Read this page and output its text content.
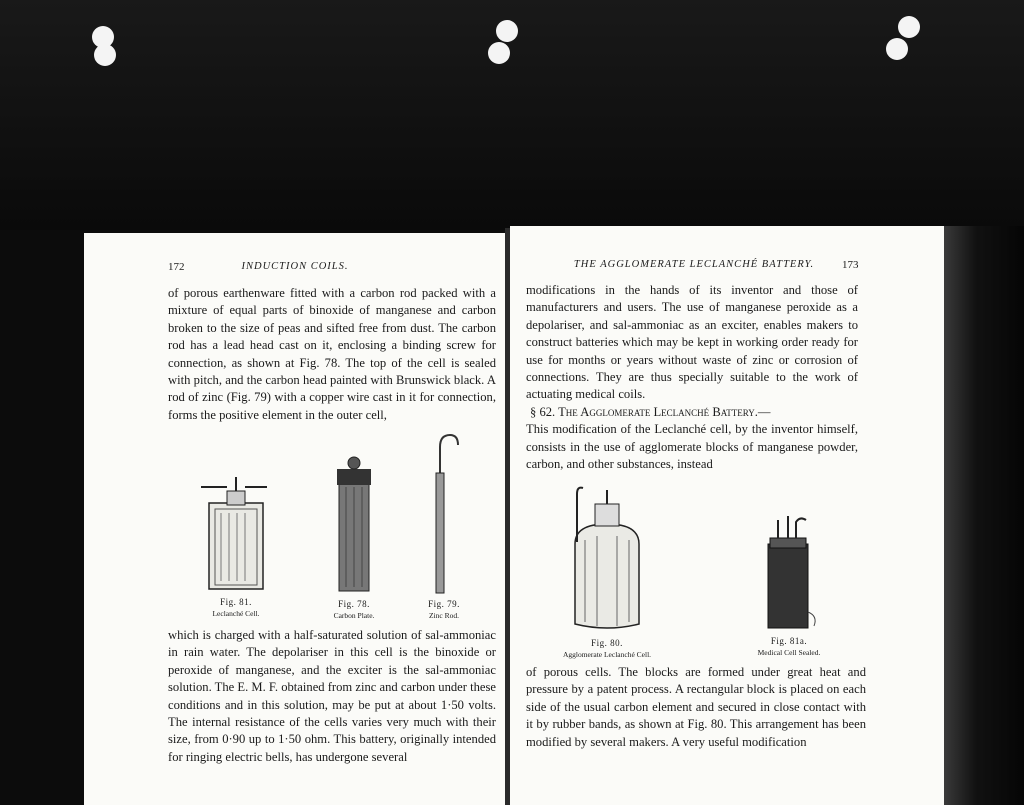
172	INDUCTION COILS.

of porous earthenware fitted with a carbon rod packed with a mixture of equal parts of binoxide of manganese and carbon broken to the size of peas and sifted free from dust. The carbon rod has a lead head cast on it, enclosing a binding screw for connection, as shown at Fig. 78. The top of the cell is sealed with pitch, and the carbon head painted with Brunswick black. A rod of zinc (Fig. 79) with a copper wire cast in it for connection, forms the positive element in the outer cell,

Fig. 81.
Leclanché Cell.
Fig. 78.
Carbon Plate.
Fig. 79.
Zinc Rod.

which is charged with a half-saturated solution of sal-ammoniac in rain water. The depolariser in this cell is the binoxide or peroxide of manganese, and the exciter is the sal-ammoniac solution. The E. M. F. obtained from zinc and carbon under these conditions and in this solution, may be put at about 1·50 volts. The internal resistance of the cells varies very much with their size, from 0·90 up to 1·50 ohm. This battery, originally intended for ringing electric bells, has undergone several

THE AGGLOMERATE LECLANCHÉ BATTERY.	173

modifications in the hands of its inventor and those of manufacturers and users. The use of manganese peroxide as a depolariser, and sal-ammoniac as an exciter, enables makers to construct batteries which may be kept in working order ready for use for months or years without waste of zinc or corrosion of connections. They are thus specially suitable to the work of actuating medical coils.

§ 62. The Agglomerate Leclanché Battery.—

This modification of the Leclanché cell, by the inventor himself, consists in the use of agglomerate blocks of manganese powder, carbon, and other substances, instead

Fig. 80.
Agglomerate Leclanché Cell.
Fig. 81a.
Medical Cell Sealed.

of porous cells. The blocks are formed under great heat and pressure by a patent process. A rectangular block is placed on each side of the usual carbon element and secured in close contact with it by rubber bands, as shown at Fig. 80. This arrangement has been modified by several makers. A very useful modification
